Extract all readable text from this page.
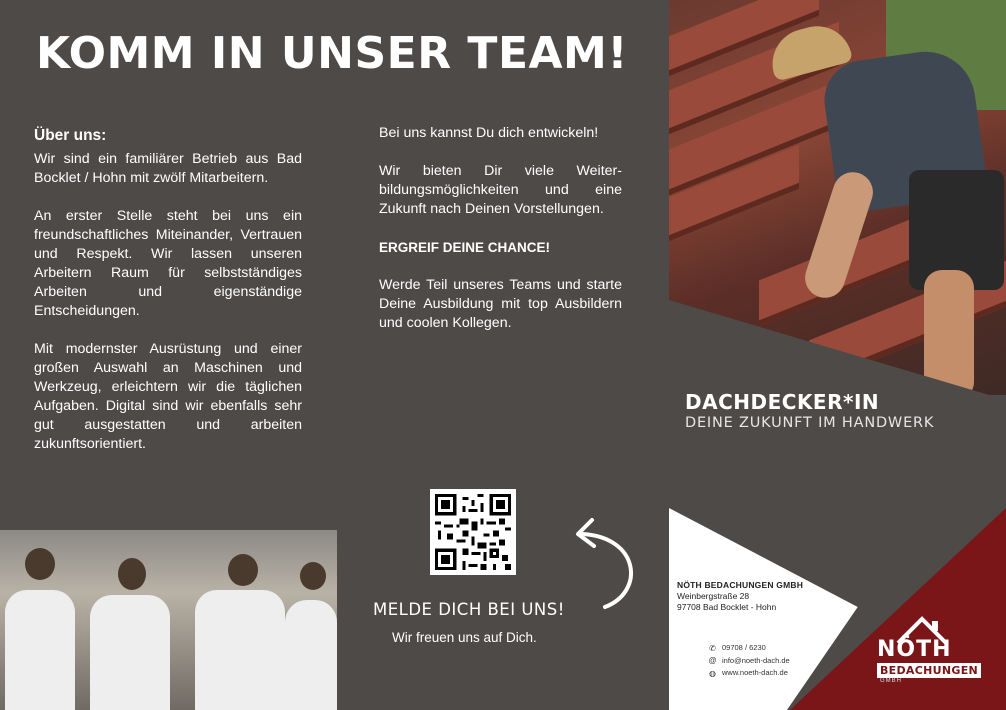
KOMM IN UNSER TEAM!
Über uns:

Wir sind ein familiärer Betrieb aus Bad Bocklet / Hohn mit zwölf Mitarbeitern.

An erster Stelle steht bei uns ein freundschaftliches Miteinander, Vertrauen und Respekt. Wir lassen unseren Arbeitern Raum für selbstständiges Arbeiten und eigenständige Entscheidungen.

Mit modernster Ausrüstung und einer großen Auswahl an Maschinen und Werkzeug, erleichtern wir die täglichen Aufgaben. Digital sind wir ebenfalls sehr gut ausgestatten und arbeiten zukunftsorientiert.

Bei uns kannst Du dich entwickeln!

Wir bieten Dir viele Weiter-bildungsmöglichkeiten und eine Zukunft nach Deinen Vorstellungen.

ERGREIF DEINE CHANCE!

Werde Teil unseres Teams und starte Deine Ausbildung mit top Ausbildern und coolen Kollegen.

DACHDECKER*IN
DEINE ZUKUNFT IM HANDWERK
MELDE DICH BEI UNS!
Wir freuen uns auf Dich.
NÖTH BEDACHUNGEN GMBH
Weinbergstraße 28
97708 Bad Bocklet - Hohn
✆ 09708 / 6230
@ info@noeth-dach.de
◍ www.noeth-dach.de
NÖTH
BEDACHUNGEN
GMBH
